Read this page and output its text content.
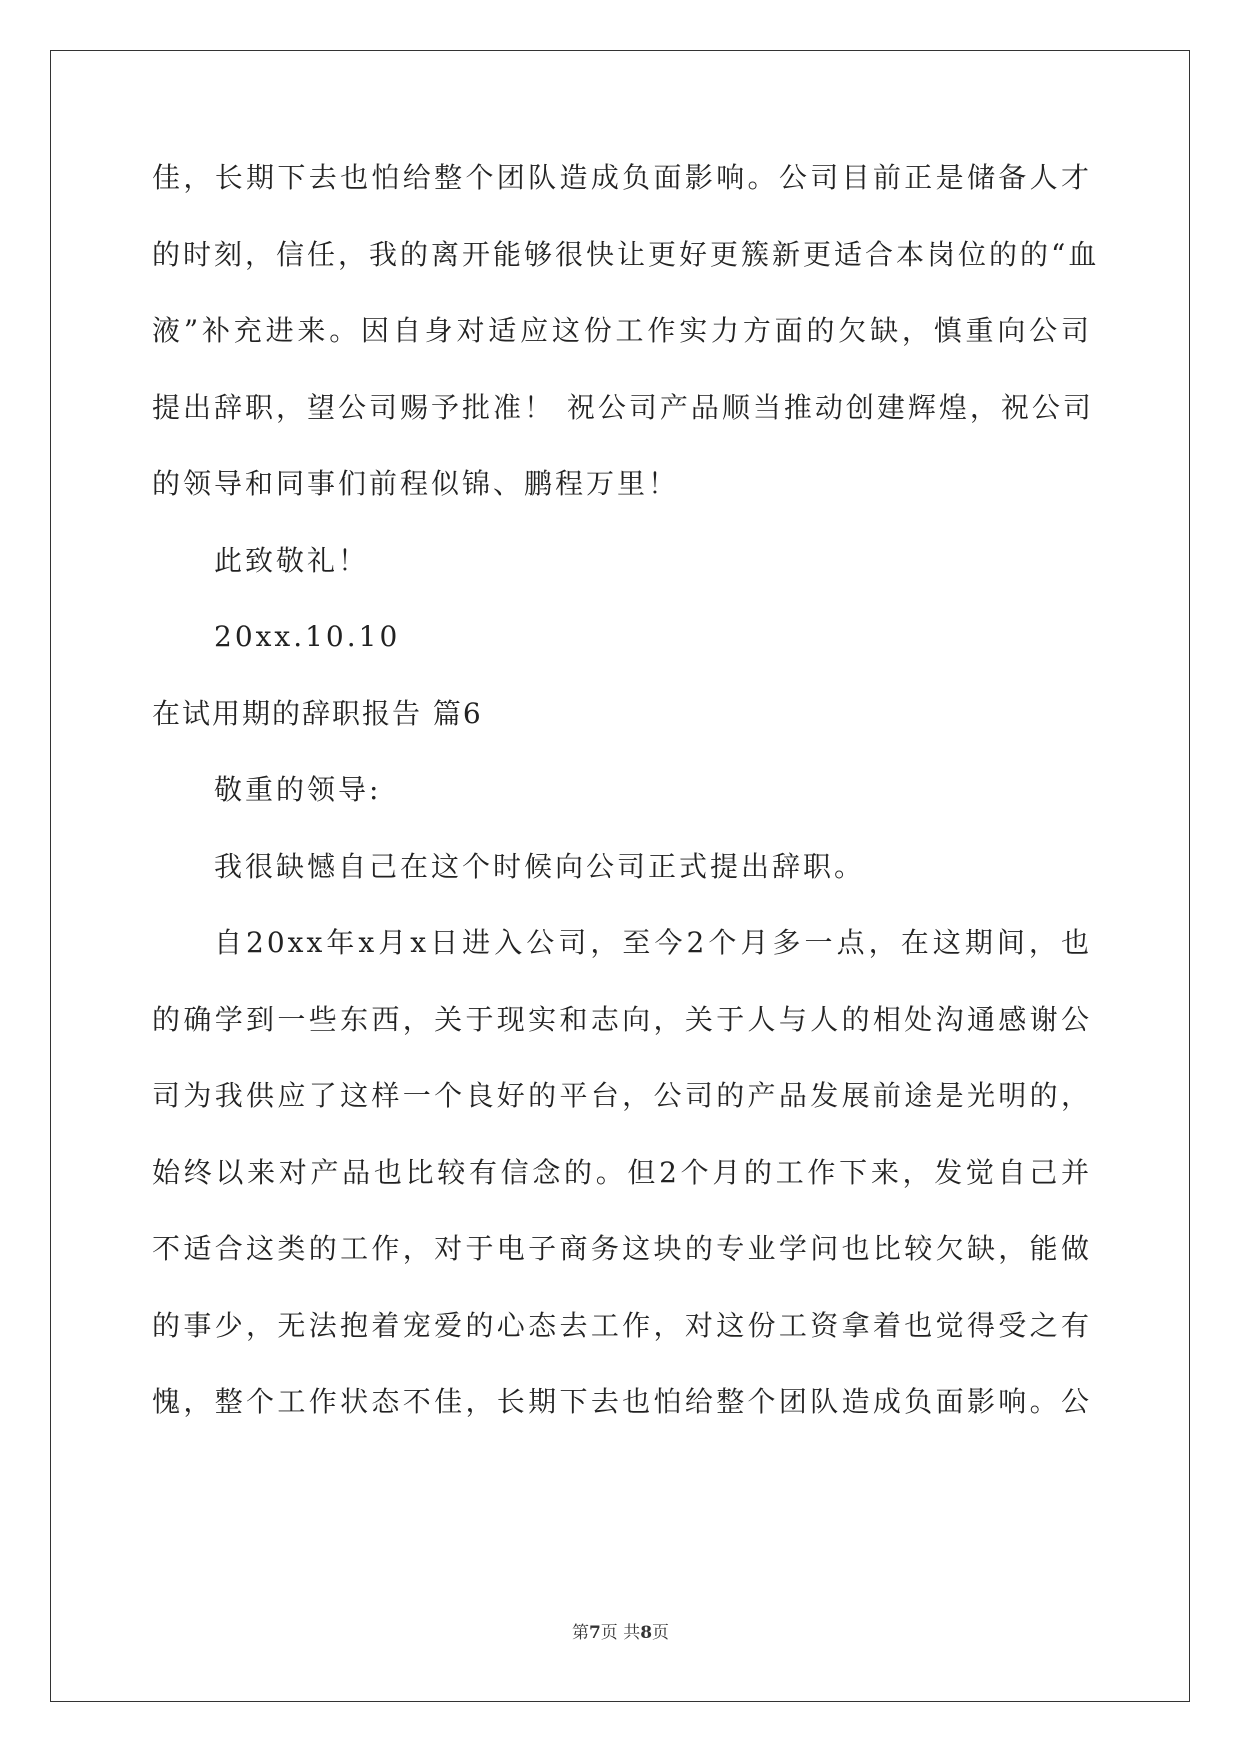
佳，长期下去也怕给整个团队造成负面影响。公司目前正是储备人才
的时刻，信任，我的离开能够很快让更好更簇新更适合本岗位的的“血
液”补充进来。因自身对适应这份工作实力方面的欠缺，慎重向公司
提出辞职，望公司赐予批准！ 祝公司产品顺当推动创建辉煌，祝公司
的领导和同事们前程似锦、鹏程万里！
此致敬礼！
20xx.10.10
在试用期的辞职报告 篇6
敬重的领导:
我很缺憾自己在这个时候向公司正式提出辞职。
自20xx年x月x日进入公司，至今2个月多一点，在这期间，也
的确学到一些东西，关于现实和志向，关于人与人的相处沟通感谢公
司为我供应了这样一个良好的平台，公司的产品发展前途是光明的，
始终以来对产品也比较有信念的。但2个月的工作下来，发觉自己并
不适合这类的工作，对于电子商务这块的专业学问也比较欠缺，能做
的事少，无法抱着宠爱的心态去工作，对这份工资拿着也觉得受之有
愧，整个工作状态不佳，长期下去也怕给整个团队造成负面影响。公
第7页 共8页
